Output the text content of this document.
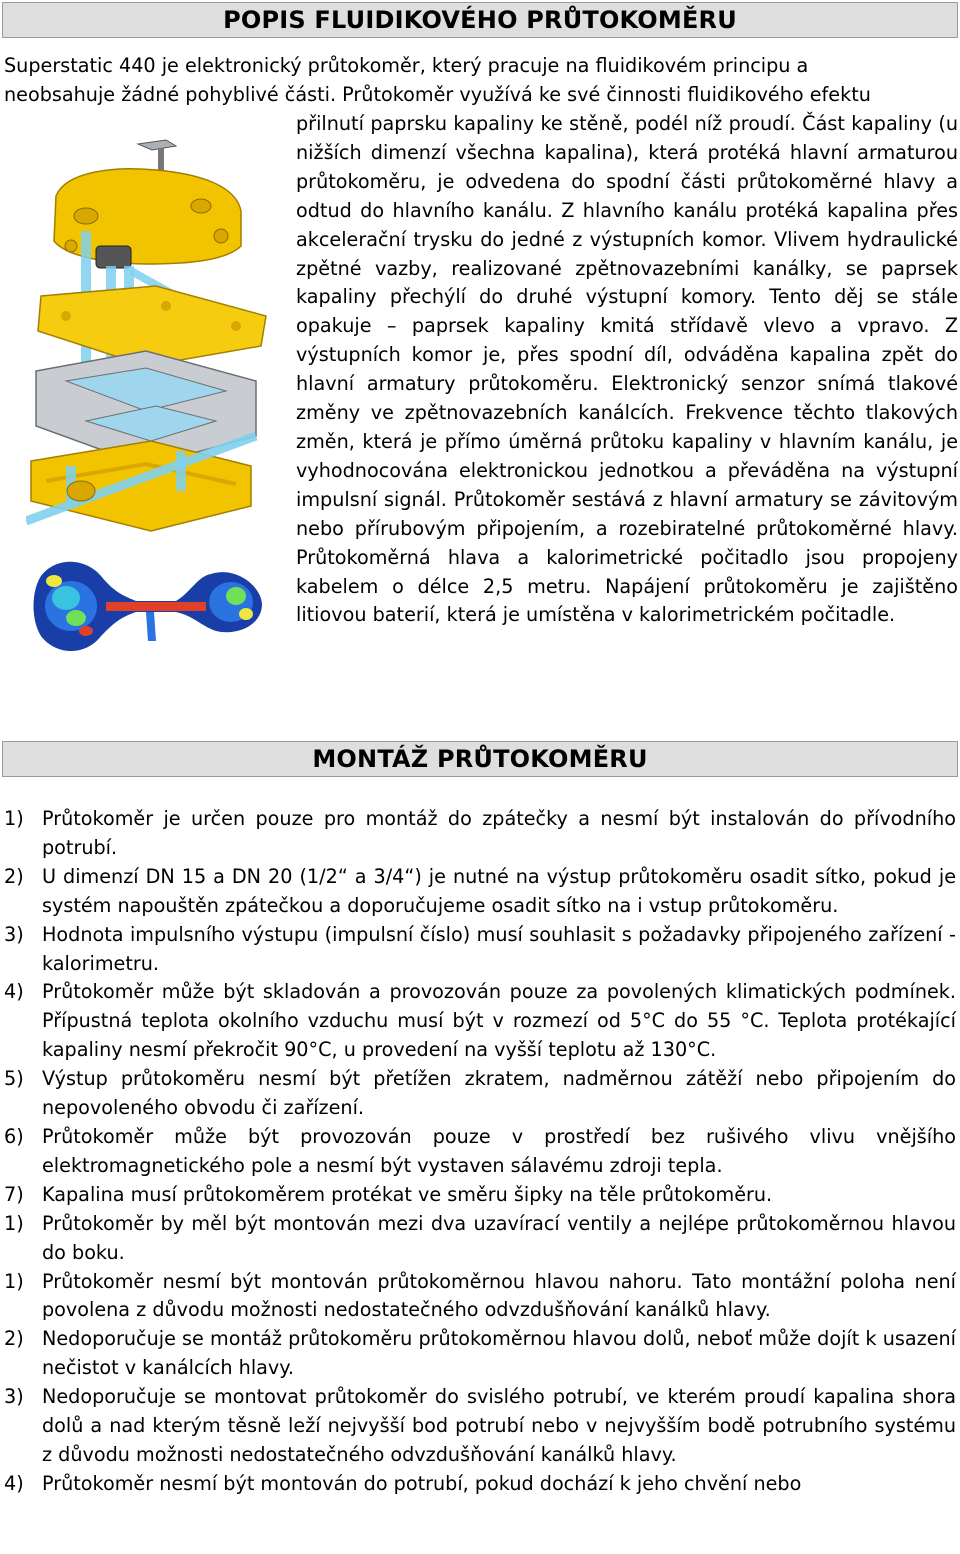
POPIS FLUIDIKOVÉHO PRŮTOKOMĚRU

Superstatic 440 je elektronický průtokoměr, který pracuje na fluidikovém principu a

neobsahuje žádné pohyblivé části. Průtokoměr využívá ke své činnosti fluidikového efektu

přilnutí paprsku kapaliny ke stěně, podél níž proudí. Část kapaliny (u nižších dimenzí všechna kapalina), která protéká hlavní armaturou průtokoměru, je odvedena do spodní části průtokoměrné hlavy a odtud do hlavního kanálu. Z hlavního kanálu protéká kapalina přes akcelerační trysku do jedné z výstupních komor. Vlivem hydraulické zpětné vazby, realizované zpětnovazebními kanálky, se paprsek kapaliny přechýlí do druhé výstupní komory. Tento děj se stále opakuje – paprsek kapaliny kmitá střídavě vlevo a vpravo. Z výstupních komor je, přes spodní díl, odváděna kapalina zpět do hlavní armatury průtokoměru. Elektronický senzor snímá tlakové změny ve zpětnovazebních kanálcích. Frekvence těchto tlakových změn, která je přímo úměrná průtoku kapaliny v hlavním kanálu, je vyhodnocována elektronickou jednotkou a převáděna na výstupní impulsní signál. Průtokoměr sestává z hlavní armatury se závitovým nebo přírubovým připojením, a rozebiratelné průtokoměrné hlavy. Průtokoměrná hlava a kalorimetrické počitadlo jsou propojeny kabelem o délce 2,5 metru. Napájení průtokoměru je zajištěno litiovou baterií, která je umístěna v kalorimetrickém počitadle.

MONTÁŽ PRŮTOKOMĚRU
1) Průtokoměr je určen pouze pro montáž do zpátečky a nesmí být instalován do přívodního potrubí.
2) U dimenzí DN 15 a DN 20 (1/2“ a 3/4“) je nutné na výstup průtokoměru osadit sítko, pokud je systém napouštěn zpátečkou a doporučujeme osadit sítko na i vstup průtokoměru.
3) Hodnota impulsního výstupu (impulsní číslo) musí souhlasit s požadavky připojeného zařízení - kalorimetru.
4) Průtokoměr může být skladován a provozován pouze za povolených klimatických podmínek. Přípustná teplota okolního vzduchu musí být v rozmezí od 5°C do 55 °C. Teplota protékající kapaliny nesmí překročit 90°C, u provedení na vyšší teplotu až 130°C.
5) Výstup průtokoměru nesmí být přetížen zkratem, nadměrnou zátěží nebo připojením do nepovoleného obvodu či zařízení.
6) Průtokoměr může být provozován pouze v prostředí bez rušivého vlivu vnějšího elektromagnetického pole a nesmí být vystaven sálavému zdroji tepla.
7) Kapalina musí průtokoměrem protékat ve směru šipky na těle průtokoměru.
1) Průtokoměr by měl být montován mezi dva uzavírací ventily a nejlépe průtokoměrnou hlavou do boku.
1) Průtokoměr nesmí být montován průtokoměrnou hlavou nahoru. Tato montážní poloha není povolena z důvodu možnosti nedostatečného odvzdušňování kanálků hlavy.
2) Nedoporučuje se montáž průtokoměru průtokoměrnou hlavou dolů, neboť může dojít k usazení nečistot v kanálcích hlavy.
3) Nedoporučuje se montovat průtokoměr do svislého potrubí, ve kterém proudí kapalina shora dolů a nad kterým těsně leží nejvyšší bod potrubí nebo v nejvyšším bodě potrubního systému z důvodu možnosti nedostatečného odvzdušňování kanálků hlavy.
4) Průtokoměr nesmí být montován do potrubí, pokud dochází k jeho chvění nebo
